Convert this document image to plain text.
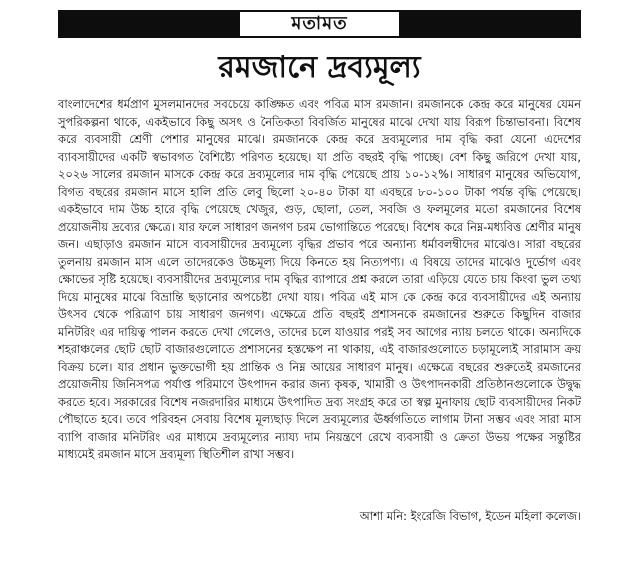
মতামত
রমজানে দ্রব্যমূল্য

বাংলাদেশের ধর্মপ্রাণ মুসলমানদের সবচেয়ে কাঙ্ক্ষিত এবং পবিত্র মাস রমজান। রমজানকে কেন্দ্র করে মানুষের যেমন সুপরিকল্পনা থাকে, একইভাবে কিছু অসৎ ও নৈতিকতা বিবর্জিত মানুষের মাঝে দেখা যায় বিরূপ চিন্তাভাবনা। বিশেষ করে ব্যবসায়ী শ্রেণী পেশার মানুষের মাঝে। রমজানকে কেন্দ্র করে দ্রব্যমূল্যের দাম বৃদ্ধি করা যেনো এদেশের ব্যাবসায়ীদের একটি স্বভাবগত বৈশিষ্ট্যে পরিণত হয়েছে। যা প্রতি বছরই বৃদ্ধি পাচ্ছে। বেশ কিছু জরিপে দেখা যায়, ২০২৬ সালের রমজান মাসকে কেন্দ্র করে দ্রব্যমূল্যের দাম বৃদ্ধি পেয়েছে প্রায় ১০-১২%। সাধারণ মানুষের অভিযোগ, বিগত বছরের রমজান মাসে হালি প্রতি লেবু ছিলো ২০-৪০ টাকা যা এবছরে ৮০-১০০ টাকা পর্যন্ত বৃদ্ধি পেয়েছে। একইভাবে দাম উচ্চ হারে বৃদ্ধি পেয়েছে খেজুর, গুড়, ছোলা, তেল, সবজি ও ফলমূলের মতো রমজানের বিশেষ প্রয়োজনীয় দ্রব্যের ক্ষেত্রে। যার ফলে সাধারণ জনগণ চরম ভোগান্তিতে পরেছে। বিশেষ করে নিম্ন-মধ্যবিত্ত শ্রেণীর মানুষ জন। এছাড়াও রমজান মাসে ব্যবসায়ীদের দ্রব্যমূল্যে বৃদ্ধির প্রভাব পরে অন্যান্য ধর্মাবলম্বীদের মাঝেও। সারা বছরের তুলনায় রমজান মাস এলে তাদেরকেও উচ্চমূল্য দিয়ে কিনতে হয় নিত্যপণ্য। এ বিষয়ে তাদের মাঝেও দুর্ভোগ এবং ক্ষোভের সৃষ্টি হয়েছে। ব্যবসায়ীদের দ্রব্যমূল্যের দাম বৃদ্ধির ব্যাপারে প্রশ্ন করলে তারা এড়িয়ে যেতে চায় কিংবা ভুল তথ্য দিয়ে মানুষের মাঝে বিভ্রান্তি ছড়ানোর অপচেষ্টা দেখা যায়। পবিত্র এই মাস কে কেন্দ্র করে ব্যবসায়ীদের এই অন্যায় উৎসব থেকে পরিত্রাণ চায় সাধারণ জনগণ। এক্ষেত্রে প্রতি বছরই প্রশাসনকে রমজানের শুরুতে কিছুদিন বাজার মনিটরিং এর দায়িত্ব পালন করতে দেখা গেলেও, তাদের চলে যাওয়ার পরই সব আগের ন্যায় চলতে থাকে। অন্যদিকে শহরাঞ্চলের ছোট ছোট বাজারগুলোতে প্রশাসনের হস্তক্ষেপ না থাকায়, এই বাজারগুলোতে চড়ামূল্যেই সারামাস ক্রয় বিক্রয় চলে। যার প্রধান ভুক্তভোগী হয় প্রান্তিক ও নিম্ন আয়ের সাধারণ মানুষ। এক্ষেত্রে বছরের শুরুতেই রমজানের প্রয়োজনীয় জিনিসপত্র পর্যাপ্ত পরিমাণে উৎপাদন করার জন্য কৃষক, খামারী ও উৎপাদনকারী প্রতিষ্ঠানগুলোকে উদ্বুদ্ধ করতে হবে। সরকারের বিশেষ নজরদারির মাধ্যমে উৎপাদিত দ্রব্য সংগ্রহ করে তা স্বল্প মুনাফায় ছোট ব্যবসায়ীদের নিকট পৌছাতে হবে। তবে পরিবহন সেবায় বিশেষ মূল্যছাড় দিলে দ্রব্যমূল্যের ঊর্ধ্বগতিতে লাগাম টানা সম্ভব এবং সারা মাস ব্যাপি বাজার মনিটরিং এর মাধ্যমে দ্রব্যমূল্যের ন্যায্য দাম নিয়ন্ত্রণে রেখে ব্যবসায়ী ও ক্রেতা উভয় পক্ষের সন্তুষ্টির মাধ্যমেই রমজান মাসে দ্রব্যমূল্য স্থিতিশীল রাখা সম্ভব।

আশা মনি: ইংরেজি বিভাগ, ইডেন মহিলা কলেজ।
